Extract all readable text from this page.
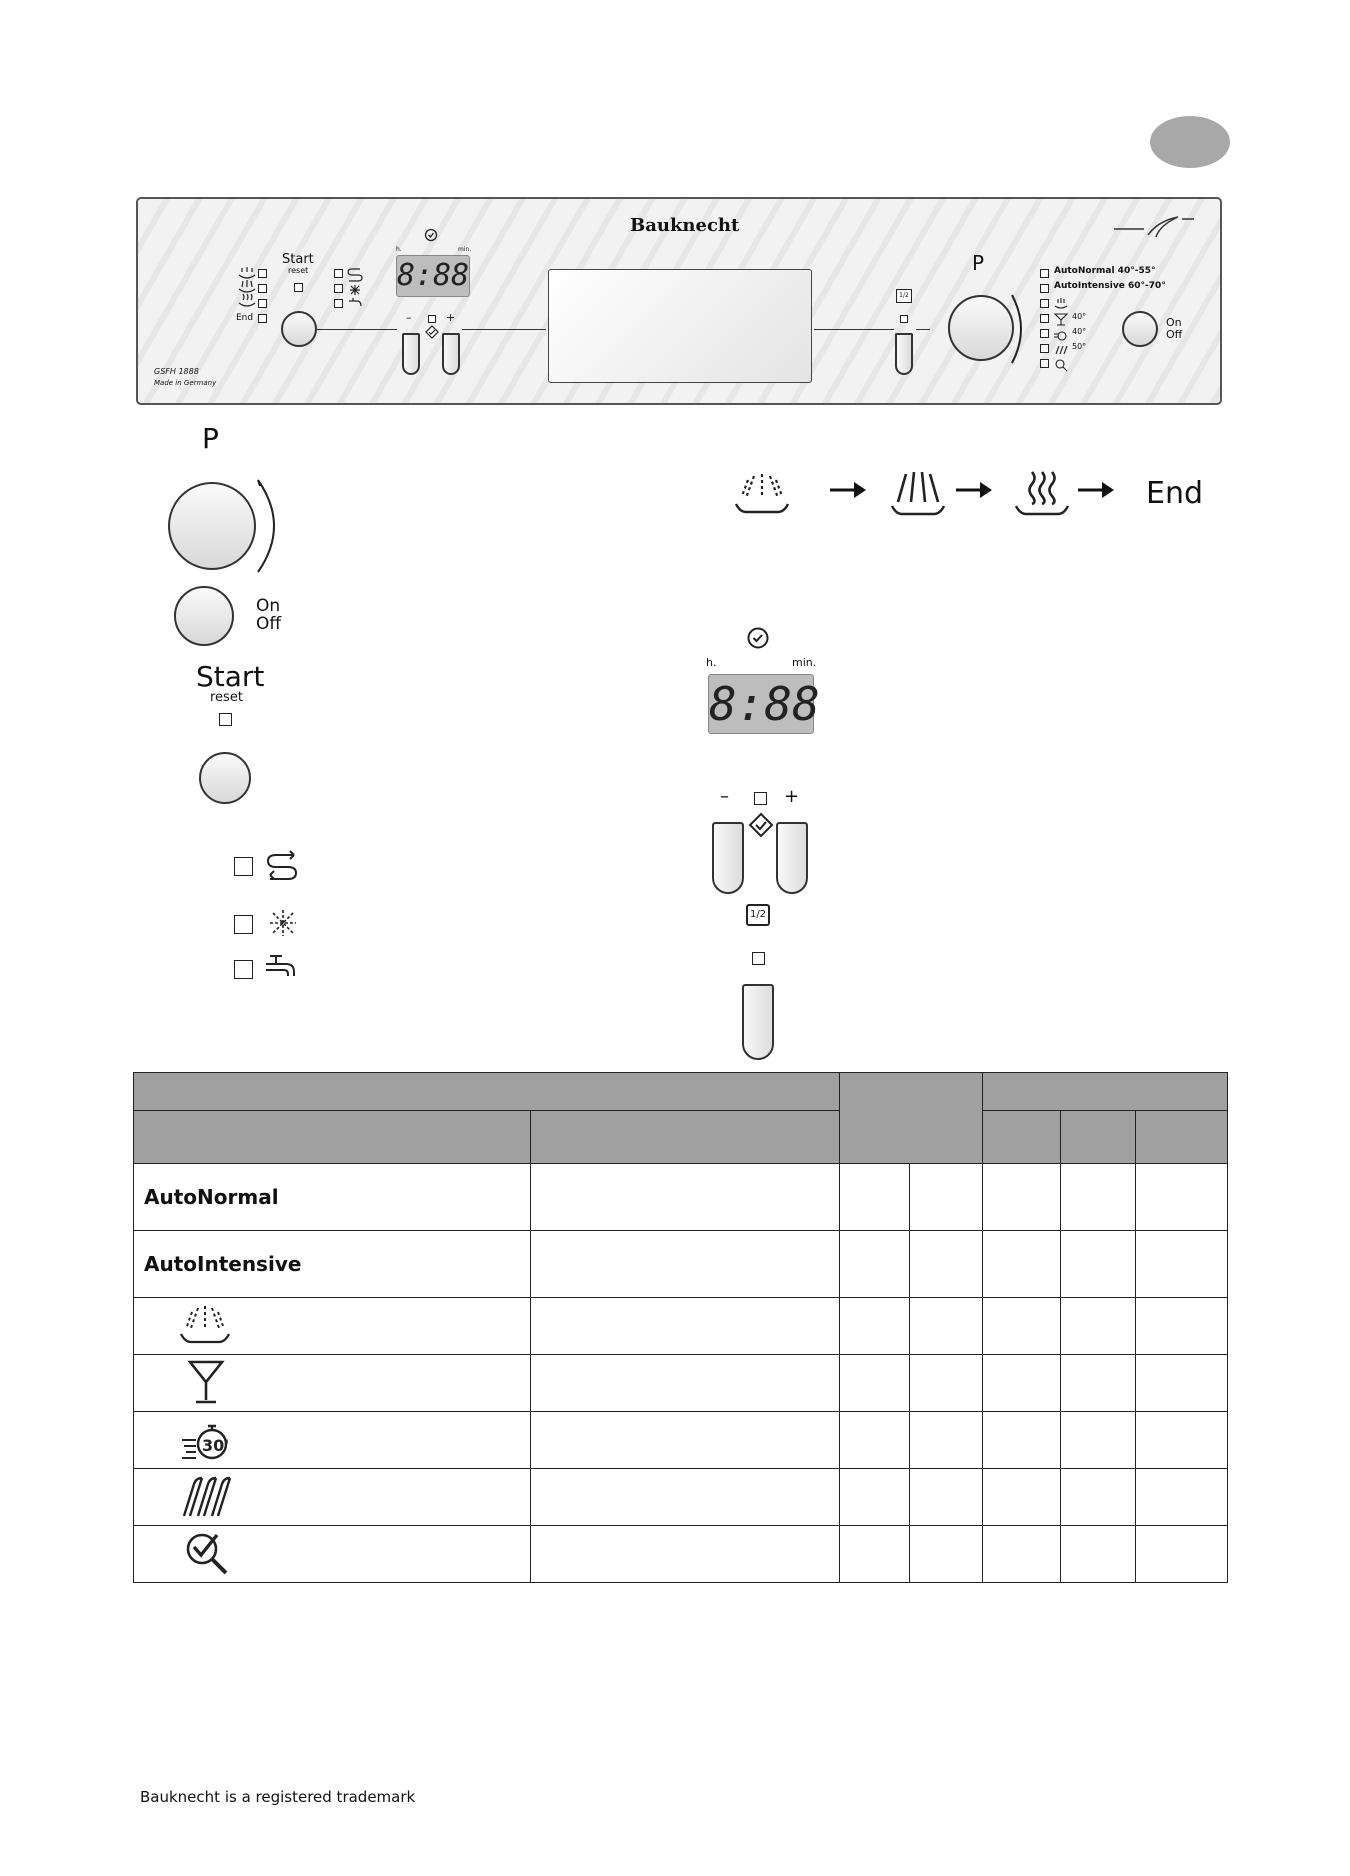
End
Start
reset
h.	min.
8:88
–	+
Bauknecht
GSFH 1888
Made in Germany
1/2
P	AutoNormal 40°-55°
AutoIntensive 60°-70°
40°
40°
50°
On
Off
P
On
Off
Start
reset
End
h.	min.
8:88
–	+
1/2

AutoNormal						
AutoIntensive						

30'						

Bauknecht is a registered trademark
